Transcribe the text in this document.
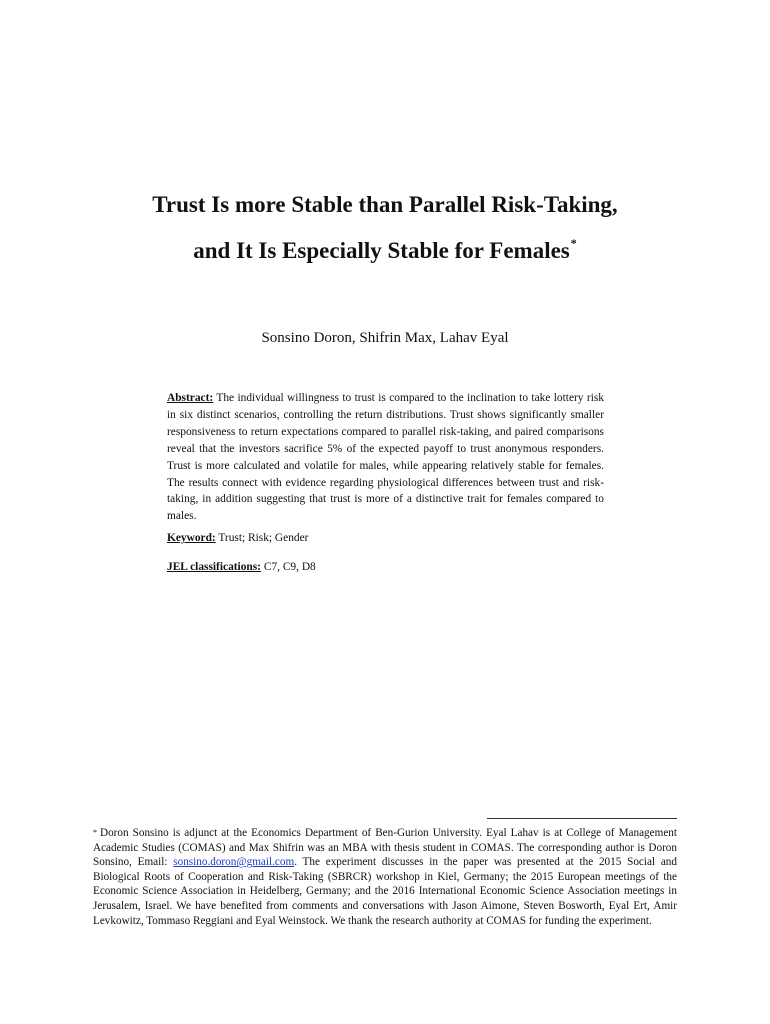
Trust Is more Stable than Parallel Risk-Taking,
and It Is Especially Stable for Females*
Sonsino Doron, Shifrin Max, Lahav Eyal

Abstract: The individual willingness to trust is compared to the inclination to take lottery risk in six distinct scenarios, controlling the return distributions. Trust shows significantly smaller responsiveness to return expectations compared to parallel risk-taking, and paired comparisons reveal that the investors sacrifice 5% of the expected payoff to trust anonymous responders. Trust is more calculated and volatile for males, while appearing relatively stable for females. The results connect with evidence regarding physiological differences between trust and risk-taking, in addition suggesting that trust is more of a distinctive trait for females compared to males.

Keyword: Trust; Risk; Gender
JEL classifications: C7, C9, D8

* Doron Sonsino is adjunct at the Economics Department of Ben-Gurion University. Eyal Lahav is at College of Management Academic Studies (COMAS) and Max Shifrin was an MBA with thesis student in COMAS. The corresponding author is Doron Sonsino, Email: sonsino.doron@gmail.com. The experiment discusses in the paper was presented at the 2015 Social and Biological Roots of Cooperation and Risk-Taking (SBRCR) workshop in Kiel, Germany; the 2015 European meetings of the Economic Science Association in Heidelberg, Germany; and the 2016 International Economic Science Association meetings in Jerusalem, Israel. We have benefited from comments and conversations with Jason Aimone, Steven Bosworth, Eyal Ert, Amir Levkowitz, Tommaso Reggiani and Eyal Weinstock. We thank the research authority at COMAS for funding the experiment.
